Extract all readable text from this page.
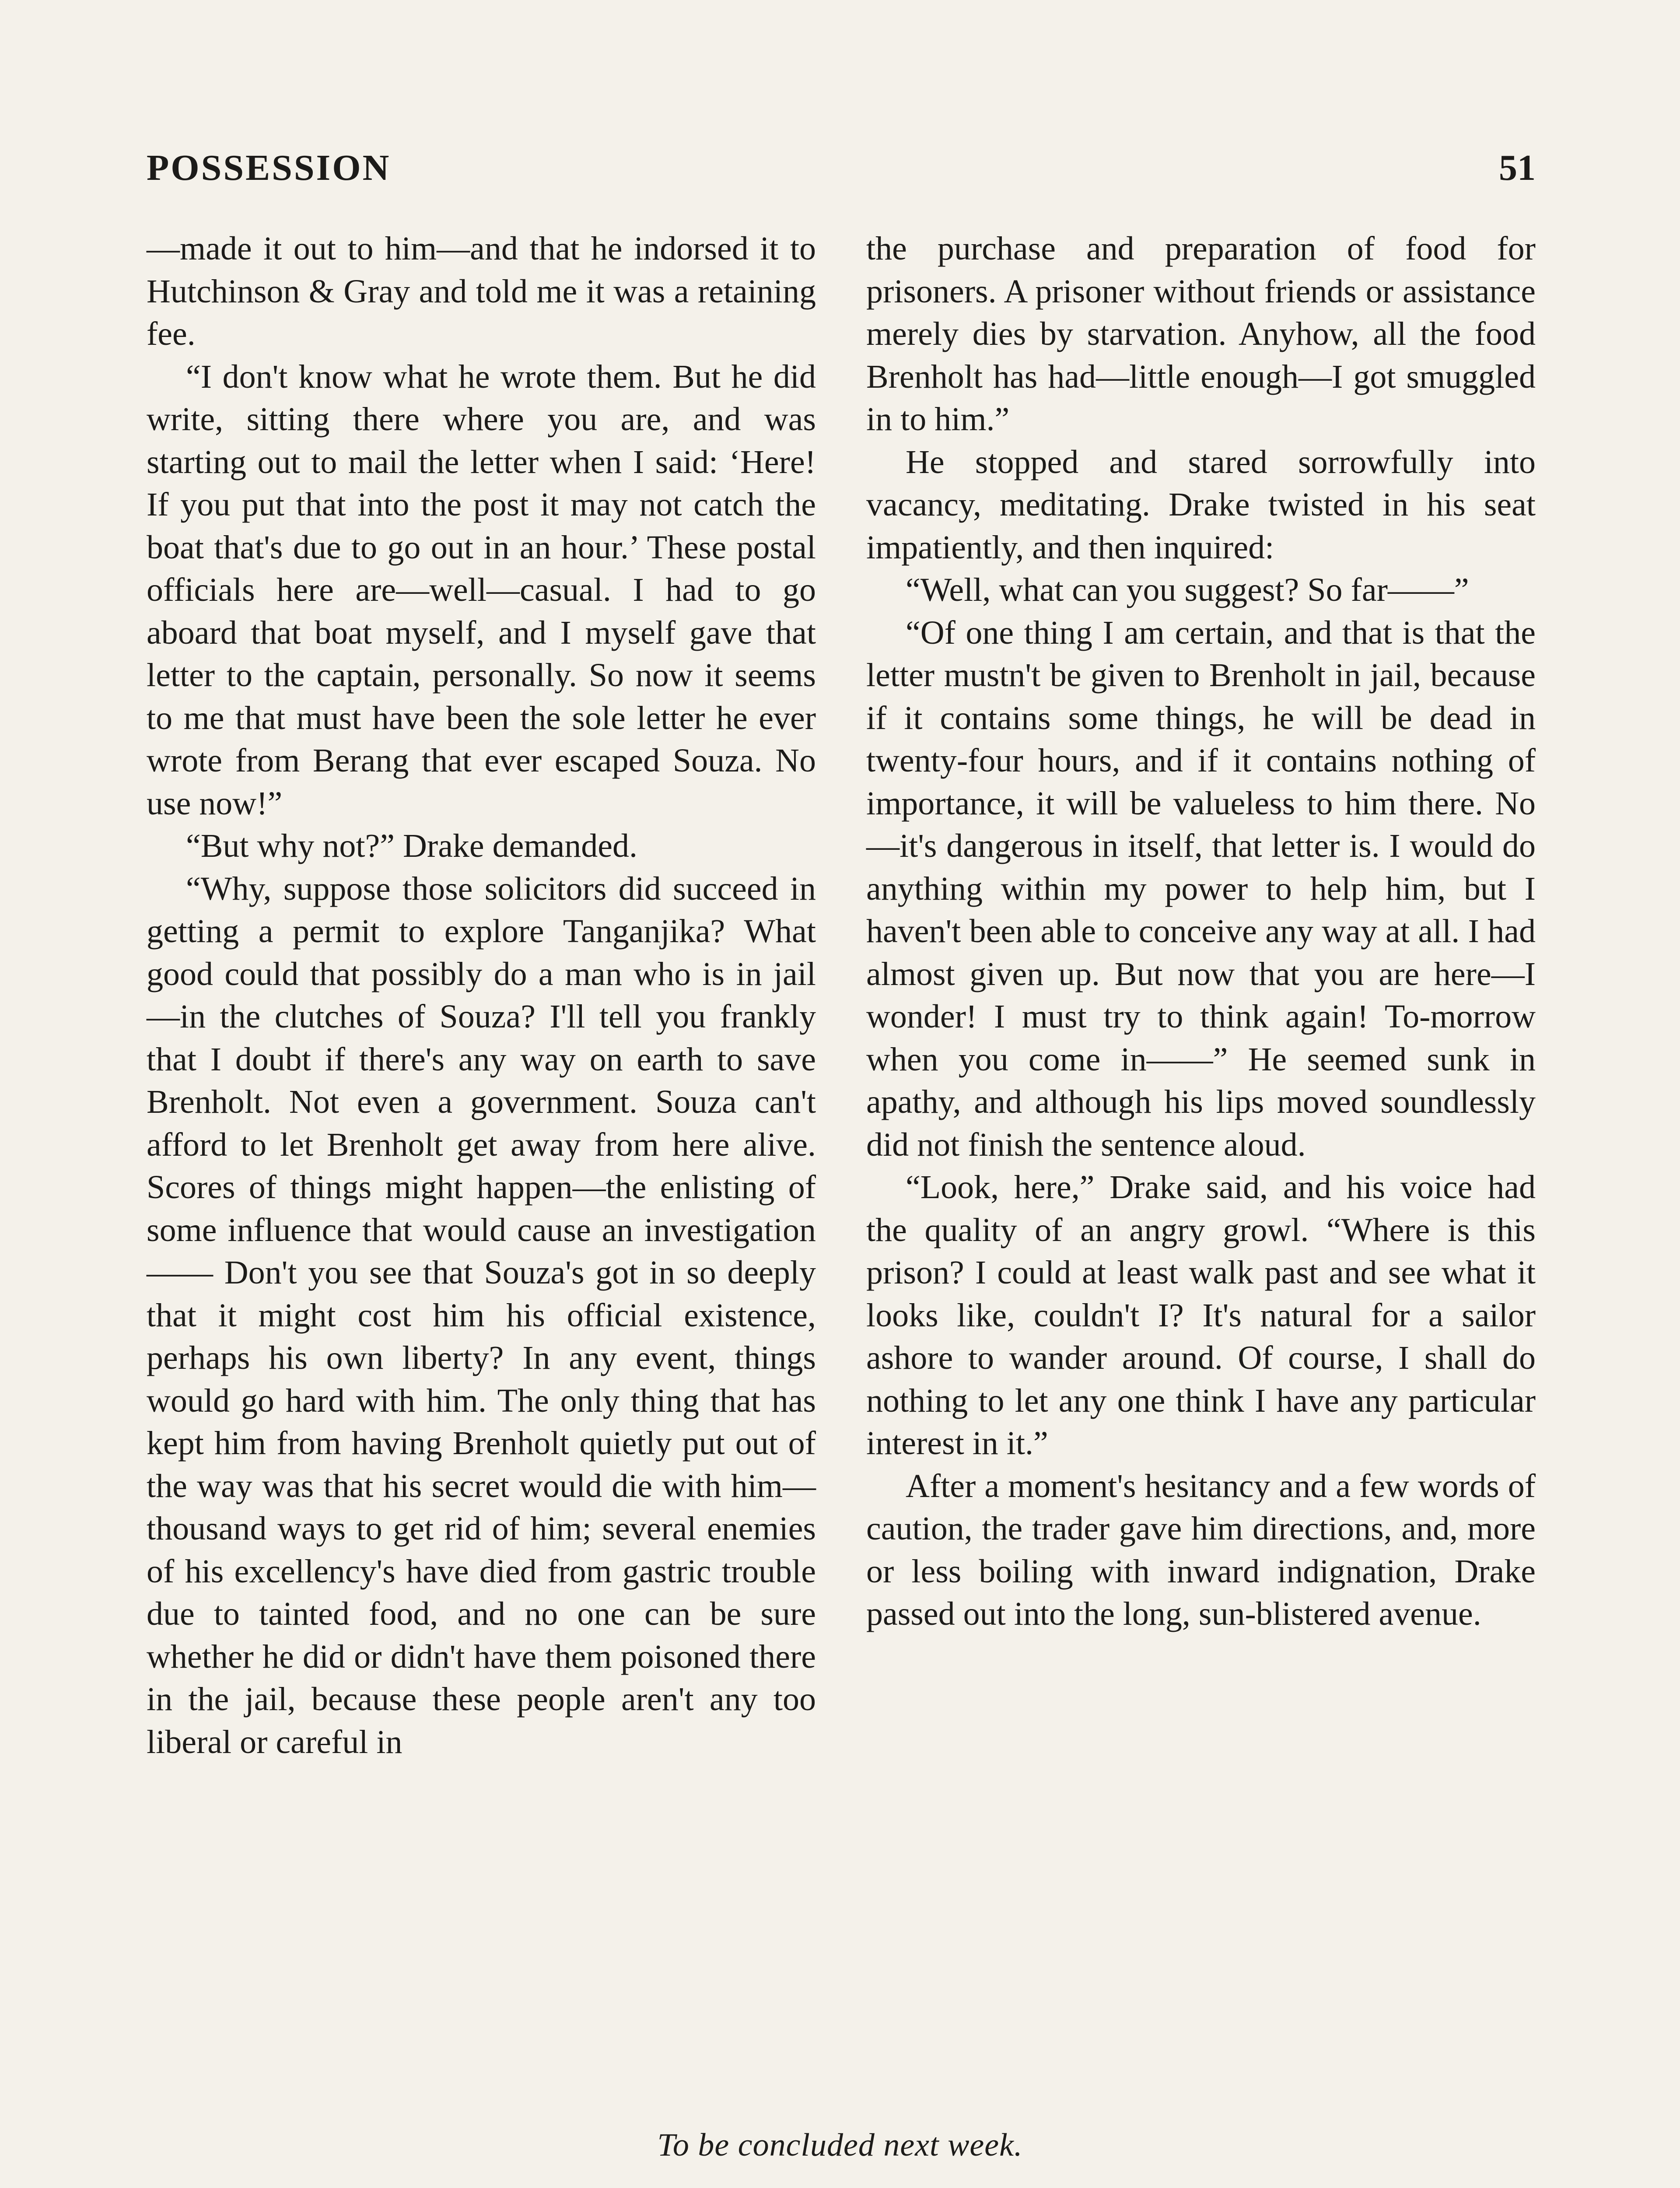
POSSESSION	51

—made it out to him—and that he indorsed it to Hutchinson & Gray and told me it was a retaining fee.

“I don't know what he wrote them. But he did write, sitting there where you are, and was starting out to mail the letter when I said: ‘Here! If you put that into the post it may not catch the boat that's due to go out in an hour.’ These postal officials here are—well—casual. I had to go aboard that boat myself, and I myself gave that letter to the captain, personally. So now it seems to me that must have been the sole letter he ever wrote from Berang that ever escaped Souza. No use now!”

“But why not?” Drake demanded.

“Why, suppose those solicitors did succeed in getting a permit to explore Tanganjika? What good could that possibly do a man who is in jail—in the clutches of Souza? I'll tell you frankly that I doubt if there's any way on earth to save Brenholt. Not even a government. Souza can't afford to let Brenholt get away from here alive. Scores of things might happen—the enlisting of some influence that would cause an investigation—— Don't you see that Souza's got in so deeply that it might cost him his official existence, perhaps his own liberty? In any event, things would go hard with him. The only thing that has kept him from having Brenholt quietly put out of the way was that his secret would die with him—thousand ways to get rid of him; several enemies of his excellency's have died from gastric trouble due to tainted food, and no one can be sure whether he did or didn't have them poisoned there in the jail, because these people aren't any too liberal or careful in

the purchase and preparation of food for prisoners. A prisoner without friends or assistance merely dies by starvation. Anyhow, all the food Brenholt has had—little enough—I got smuggled in to him.”

He stopped and stared sorrowfully into vacancy, meditating. Drake twisted in his seat impatiently, and then inquired:

“Well, what can you suggest? So far——”

“Of one thing I am certain, and that is that the letter mustn't be given to Brenholt in jail, because if it contains some things, he will be dead in twenty-four hours, and if it contains nothing of importance, it will be valueless to him there. No—it's dangerous in itself, that letter is. I would do anything within my power to help him, but I haven't been able to conceive any way at all. I had almost given up. But now that you are here—I wonder! I must try to think again! To-morrow when you come in——” He seemed sunk in apathy, and although his lips moved soundlessly did not finish the sentence aloud.

“Look, here,” Drake said, and his voice had the quality of an angry growl. “Where is this prison? I could at least walk past and see what it looks like, couldn't I? It's natural for a sailor ashore to wander around. Of course, I shall do nothing to let any one think I have any particular interest in it.”

After a moment's hesitancy and a few words of caution, the trader gave him directions, and, more or less boiling with inward indignation, Drake passed out into the long, sun-blistered avenue.

To be concluded next week.
